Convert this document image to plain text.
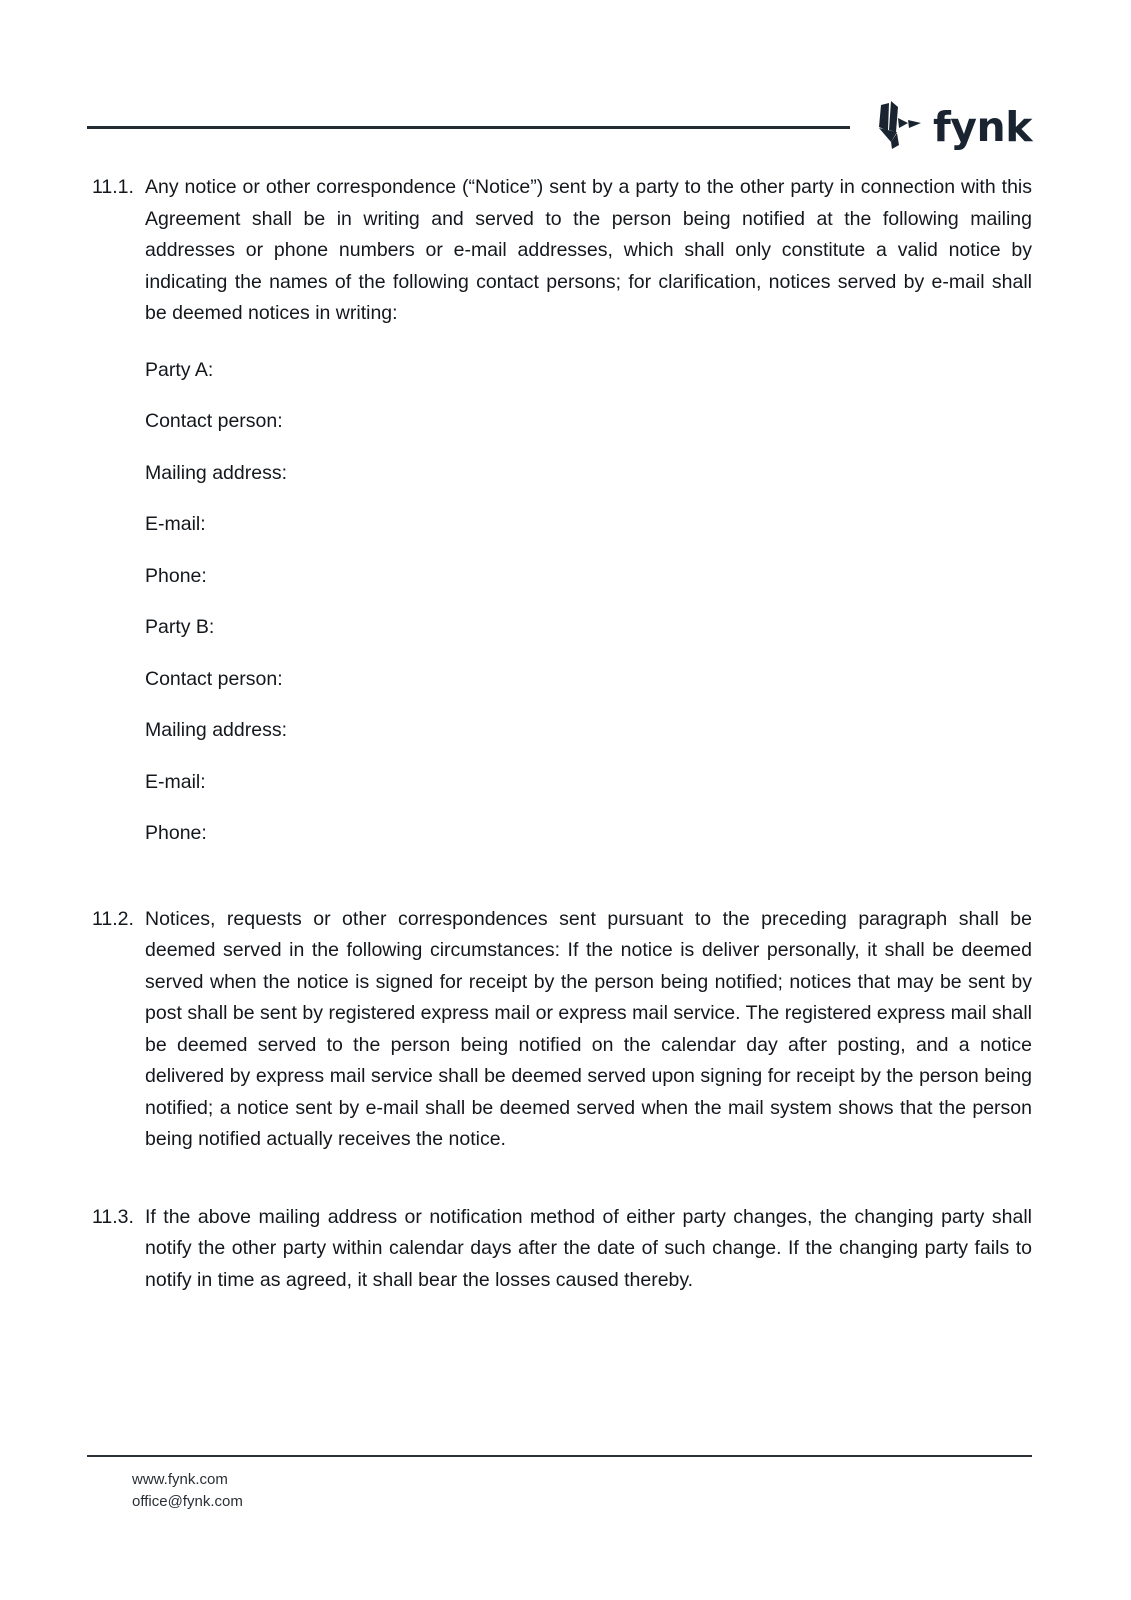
fynk
11.1. Any notice or other correspondence (“Notice”) sent by a party to the other party in connection with this Agreement shall be in writing and served to the person being notified at the following mailing addresses or phone numbers or e-mail addresses, which shall only constitute a valid notice by indicating the names of the following contact persons; for clarification, notices served by e-mail shall be deemed notices in writing:
Party A:
Contact person:
Mailing address:
E-mail:
Phone:
Party B:
Contact person:
Mailing address:
E-mail:
Phone:
11.2. Notices, requests or other correspondences sent pursuant to the preceding paragraph shall be deemed served in the following circumstances: If the notice is deliver personally, it shall be deemed served when the notice is signed for receipt by the person being notified; notices that may be sent by post shall be sent by registered express mail or express mail service. The registered express mail shall be deemed served to the person being notified on the calendar day after posting, and a notice delivered by express mail service shall be deemed served upon signing for receipt by the person being notified; a notice sent by e-mail shall be deemed served when the mail system shows that the person being notified actually receives the notice.
11.3. If the above mailing address or notification method of either party changes, the changing party shall notify the other party within calendar days after the date of such change. If the changing party fails to notify in time as agreed, it shall bear the losses caused thereby.
www.fynk.com
office@fynk.com
